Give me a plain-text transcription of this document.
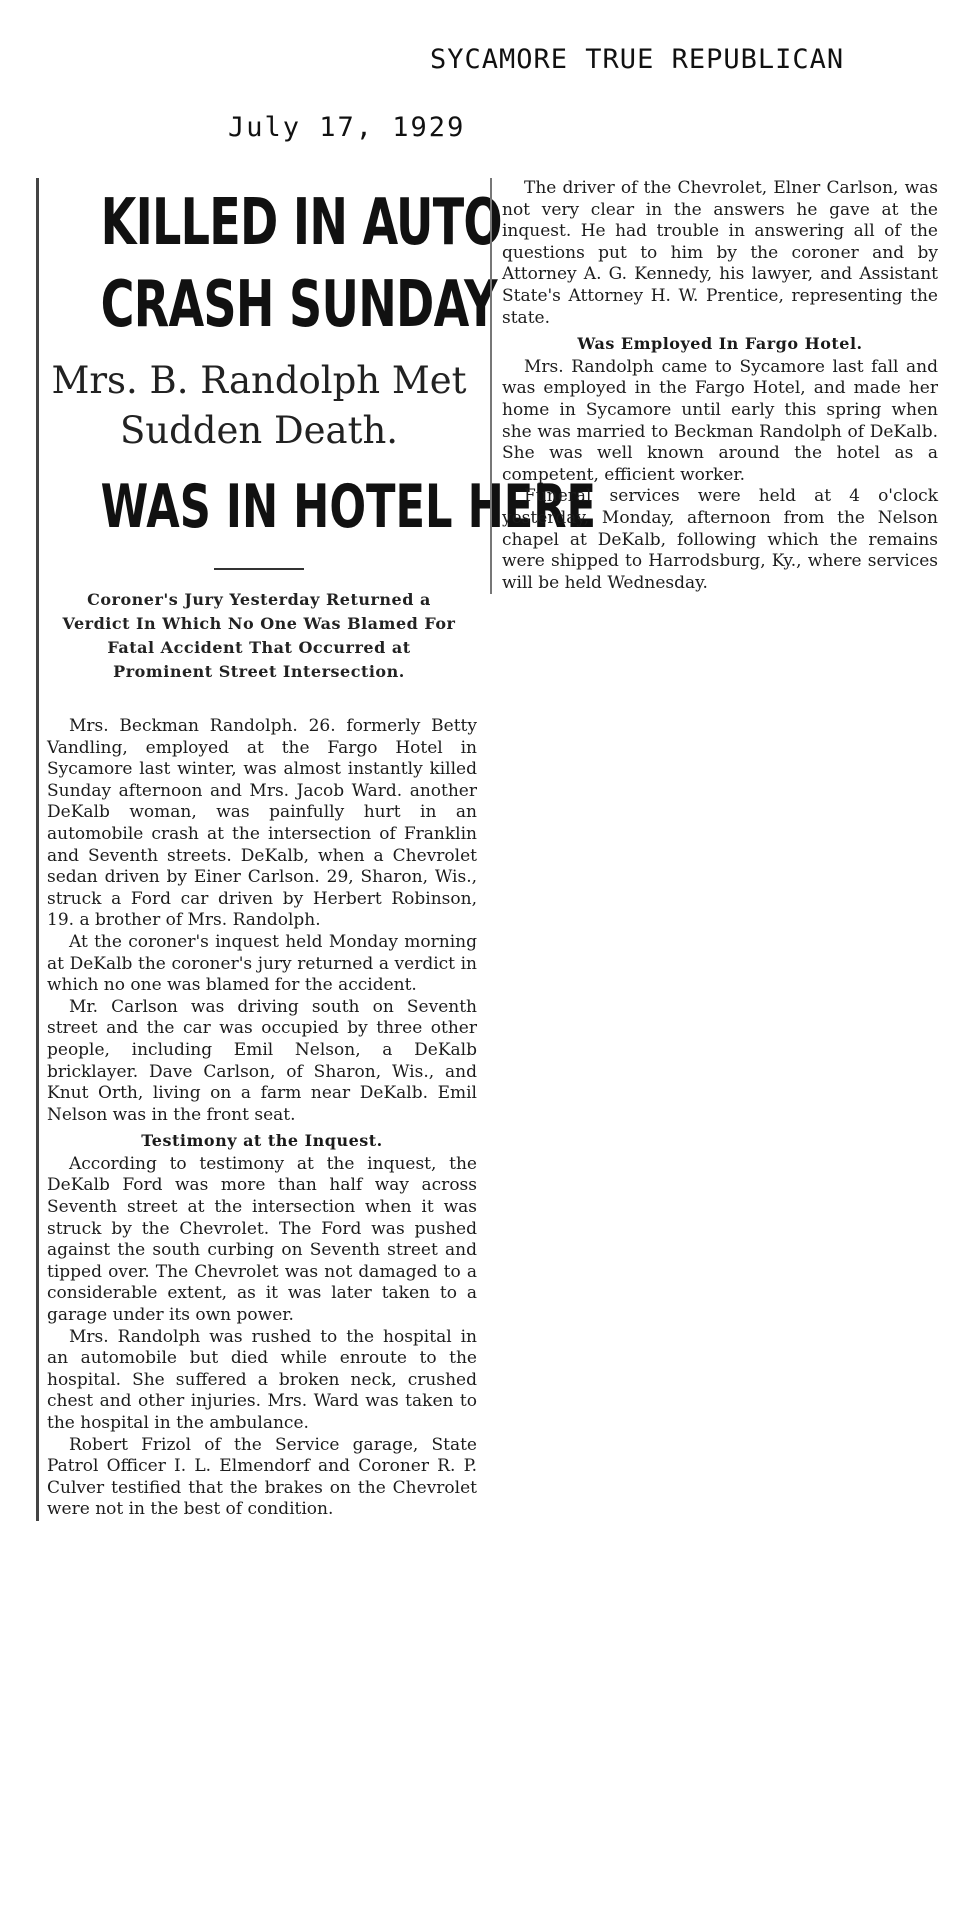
SYCAMORE TRUE REPUBLICAN
July 17, 1929
KILLED IN AUTO
CRASH SUNDAY
Mrs. B. Randolph Met
Sudden Death.
WAS IN HOTEL HERE
Coroner's Jury Yesterday Returned a Verdict In Which No One Was Blamed For Fatal Accident That Occurred at Prominent Street Intersection.

Mrs. Beckman Randolph. 26. formerly Betty Vandling, employed at the Fargo Hotel in Sycamore last winter, was almost instantly killed Sunday afternoon and Mrs. Jacob Ward. another DeKalb woman, was painfully hurt in an automobile crash at the intersection of Franklin and Seventh streets. DeKalb, when a Chevrolet sedan driven by Einer Carlson. 29, Sharon, Wis., struck a Ford car driven by Herbert Robinson, 19. a brother of Mrs. Randolph.

At the coroner's inquest held Monday morning at DeKalb the coroner's jury returned a verdict in which no one was blamed for the accident.

Mr. Carlson was driving south on Seventh street and the car was occupied by three other people, including Emil Nelson, a DeKalb bricklayer. Dave Carlson, of Sharon, Wis., and Knut Orth, living on a farm near DeKalb. Emil Nelson was in the front seat.

Testimony at the Inquest.

According to testimony at the inquest, the DeKalb Ford was more than half way across Seventh street at the intersection when it was struck by the Chevrolet. The Ford was pushed against the south curbing on Seventh street and tipped over. The Chevrolet was not damaged to a considerable extent, as it was later taken to a garage under its own power.

Mrs. Randolph was rushed to the hospital in an automobile but died while enroute to the hospital. She suffered a broken neck, crushed chest and other injuries. Mrs. Ward was taken to the hospital in the ambulance.

Robert Frizol of the Service garage, State Patrol Officer I. L. Elmendorf and Coroner R. P. Culver testified that the brakes on the Chevrolet were not in the best of condition.

The driver of the Chevrolet, Elner Carlson, was not very clear in the answers he gave at the inquest. He had trouble in answering all of the questions put to him by the coroner and by Attorney A. G. Kennedy, his lawyer, and Assistant State's Attorney H. W. Prentice, representing the state.

Was Employed In Fargo Hotel.

Mrs. Randolph came to Sycamore last fall and was employed in the Fargo Hotel, and made her home in Sycamore until early this spring when she was married to Beckman Randolph of DeKalb. She was well known around the hotel as a competent, efficient worker.

Funeral services were held at 4 o'clock yesterday, Monday, afternoon from the Nelson chapel at DeKalb, following which the remains were shipped to Harrodsburg, Ky., where services will be held Wednesday.
